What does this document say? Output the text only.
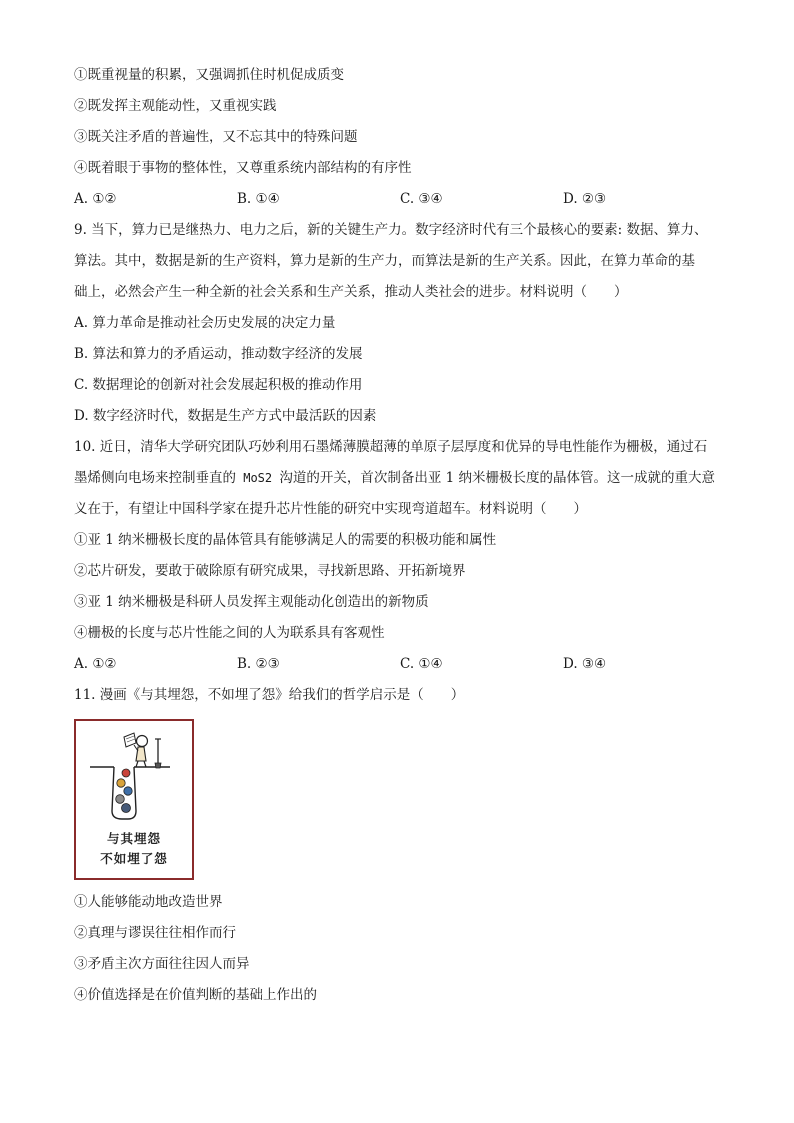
①既重视量的积累，又强调抓住时机促成质变
②既发挥主观能动性，又重视实践
③既关注矛盾的普遍性，又不忘其中的特殊问题
④既着眼于事物的整体性，又尊重系统内部结构的有序性
A. ①②	B. ①④	C. ③④	D. ②③
9. 当下，算力已是继热力、电力之后，新的关键生产力。数字经济时代有三个最核心的要素: 数据、算力、
算法。其中，数据是新的生产资料，算力是新的生产力，而算法是新的生产关系。因此，在算力革命的基
础上，必然会产生一种全新的社会关系和生产关系，推动人类社会的进步。材料说明（　　）
A. 算力革命是推动社会历史发展的决定力量
B. 算法和算力的矛盾运动，推动数字经济的发展
C. 数据理论的创新对社会发展起积极的推动作用
D. 数字经济时代，数据是生产方式中最活跃的因素
10. 近日，清华大学研究团队巧妙利用石墨烯薄膜超薄的单原子层厚度和优异的导电性能作为栅极，通过石
墨烯侧向电场来控制垂直的 MoS2 沟道的开关，首次制备出亚 1 纳米栅极长度的晶体管。这一成就的重大意
义在于，有望让中国科学家在提升芯片性能的研究中实现弯道超车。材料说明（　　）
①亚 1 纳米栅极长度的晶体管具有能够满足人的需要的积极功能和属性
②芯片研发，要敢于破除原有研究成果，寻找新思路、开拓新境界
③亚 1 纳米栅极是科研人员发挥主观能动化创造出的新物质
④栅极的长度与芯片性能之间的人为联系具有客观性
A. ①②	B. ②③	C. ①④	D. ③④
11. 漫画《与其埋怨，不如埋了怨》给我们的哲学启示是（　　）
与其埋怨
不如埋了怨
①人能够能动地改造世界
②真理与谬误往往相作而行
③矛盾主次方面往往因人而异
④价值选择是在价值判断的基础上作出的
